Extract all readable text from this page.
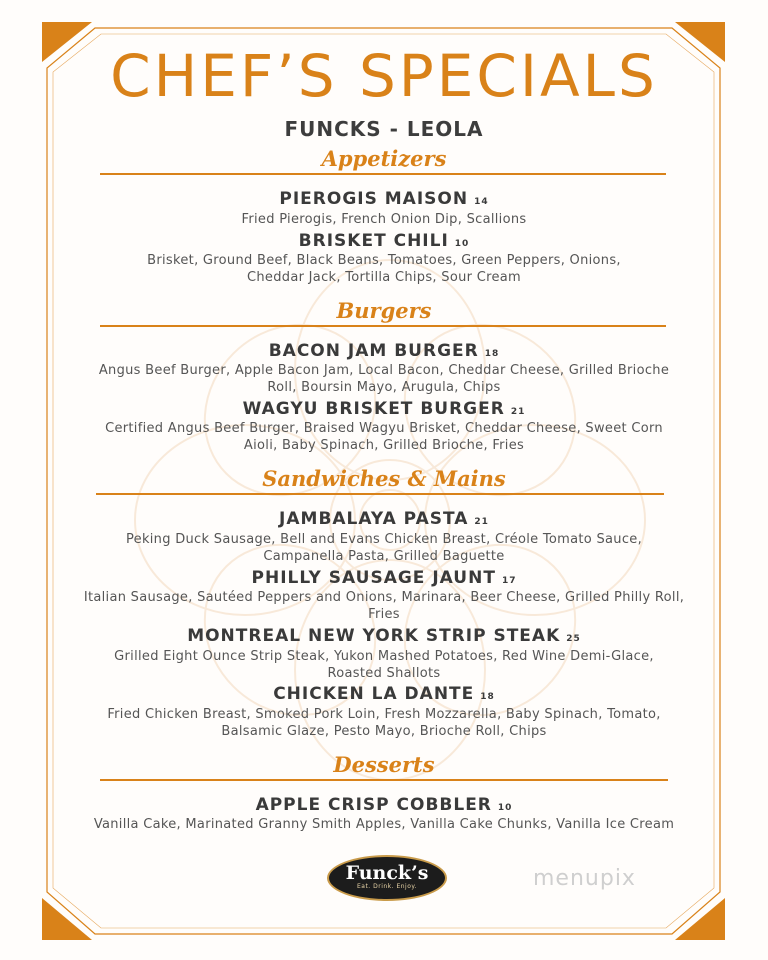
CHEF’S SPECIALS
FUNCKS - LEOLA
Appetizers
PIEROGIS MAISON 14
Fried Pierogis, French Onion Dip, Scallions
BRISKET CHILI 10
Brisket, Ground Beef, Black Beans, Tomatoes, Green Peppers, Onions,
Cheddar Jack, Tortilla Chips, Sour Cream
Burgers
BACON JAM BURGER 18
Angus Beef Burger, Apple Bacon Jam, Local Bacon, Cheddar Cheese, Grilled Brioche
Roll, Boursin Mayo, Arugula, Chips
WAGYU BRISKET BURGER 21
Certified Angus Beef Burger, Braised Wagyu Brisket, Cheddar Cheese, Sweet Corn
Aioli, Baby Spinach, Grilled Brioche, Fries
Sandwiches & Mains
JAMBALAYA PASTA 21
Peking Duck Sausage, Bell and Evans Chicken Breast, Créole Tomato Sauce,
Campanella Pasta, Grilled Baguette
PHILLY SAUSAGE JAUNT 17
Italian Sausage, Sautéed Peppers and Onions, Marinara, Beer Cheese, Grilled Philly Roll,
Fries
MONTREAL NEW YORK STRIP STEAK 25
Grilled Eight Ounce Strip Steak, Yukon Mashed Potatoes, Red Wine Demi-Glace,
Roasted Shallots
CHICKEN LA DANTE 18
Fried Chicken Breast, Smoked Pork Loin, Fresh Mozzarella, Baby Spinach, Tomato,
Balsamic Glaze, Pesto Mayo, Brioche Roll, Chips
Desserts
APPLE CRISP COBBLER 10
Vanilla Cake, Marinated Granny Smith Apples, Vanilla Cake Chunks, Vanilla Ice Cream
Funck’s
Eat. Drink. Enjoy.	menupix
